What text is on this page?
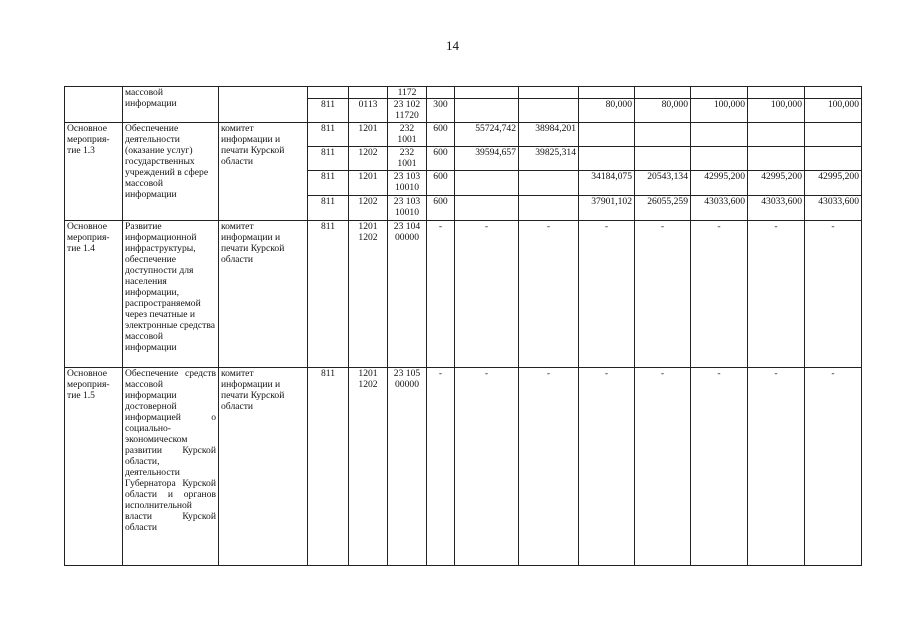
14
	массовой информации				1172								
			811	0113	23 102 11720	300			80,000	80,000	100,000	100,000	100,000
Основное мероприя-тие 1.3	Обеспечение деятельности (оказание услуг) государственных учреждений в сфере массовой информации	комитет информации и печати Курской области	811	1201	232 1001	600	55724,742	38984,201					
			811	1202	232 1001	600	39594,657	39825,314					
			811	1201	23 103 10010	600			34184,075	20543,134	42995,200	42995,200	42995,200
			811	1202	23 103 10010	600			37901,102	26055,259	43033,600	43033,600	43033,600
Основное мероприя-тие 1.4	Развитие информационной инфраструктуры, обеспечение доступности для населения информации, распространяемой через печатные и электронные средства массовой информации	комитет информации и печати Курской области	811	1201 1202	23 104 00000	-	-	-	-	-	-	-	-
Основное мероприя-тие 1.5	Обеспечение средств массовой информации достоверной информацией о социально-экономическом развитии Курской области, деятельности Губернатора Курской области и органов исполнительной власти Курской области	комитет информации и печати Курской области	811	1201 1202	23 105 00000	-	-	-	-	-	-	-	-
